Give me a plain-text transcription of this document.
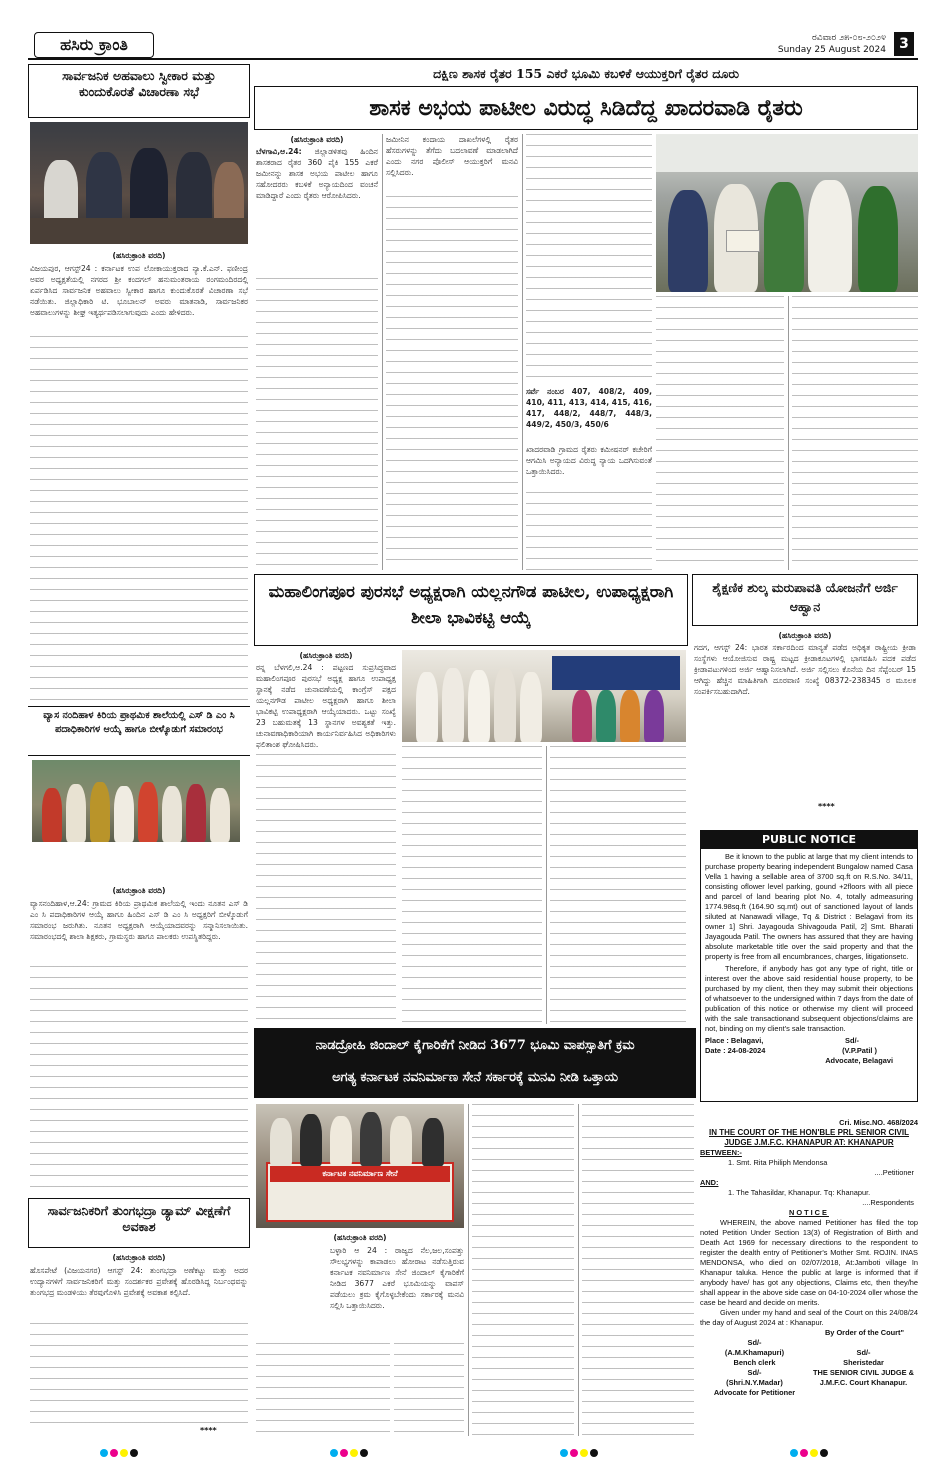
ಹಸಿರು ಕ್ರಾಂತಿ	ರವಿವಾರ ೨೫-೦೮-೨೦೨೪
Sunday 25 August 2024 3
ಸಾರ್ವಜನಿಕ ಅಹವಾಲು ಸ್ವೀಕಾರ ಮತ್ತು ಕುಂದುಕೊರತೆ ವಿಚಾರಣಾ ಸಭೆ
(ಹಸಿರುಕ್ರಾಂತಿ ವರದಿ)
ವಿಜಯಪುರ, ಆಗಸ್ಟ್24 : ಕರ್ನಾಟಕ ಉಪ ಲೋಕಾಯುಕ್ತರಾದ ನ್ಯಾ.ಕೆ.ಎನ್. ಫಣೀಂದ್ರ ಅವರ ಅಧ್ಯಕ್ಷತೆಯಲ್ಲಿ ನಗರದ ಶ್ರೀ ಕಂದಗಲ್ ಹನುಮಂತರಾಯ ರಂಗಮಂದಿರದಲ್ಲಿ ಏರ್ಪಡಿಸಿದ ಸಾರ್ವಜನಿಕ ಅಹವಾಲು ಸ್ವೀಕಾರ ಹಾಗೂ ಕುಂದುಕೊರತೆ ವಿಚಾರಣಾ ಸಭೆ ನಡೆಯಿತು. ಜಿಲ್ಲಾಧಿಕಾರಿ ಟಿ. ಭೂಬಾಲನ್ ಅವರು ಮಾತನಾಡಿ, ಸಾರ್ವಜನಿಕರ ಅಹವಾಲುಗಳನ್ನು ಶೀಘ್ರ ಇತ್ಯರ್ಥಪಡಿಸಲಾಗುವುದು ಎಂದು ಹೇಳಿದರು.
ವ್ಯಾಸ ನಂದಿಹಾಳ ಕಿರಿಯ ಪ್ರಾಥಮಿಕ ಶಾಲೆಯಲ್ಲಿ ಎಸ್ ಡಿ ಎಂ ಸಿ ಪದಾಧಿಕಾರಿಗಳ ಆಯ್ಕೆ ಹಾಗೂ ಬೀಳ್ಕೊಡುಗೆ ಸಮಾರಂಭ
(ಹಸಿರುಕ್ರಾಂತಿ ವರದಿ)
ವ್ಯಾಸನಂದಿಹಾಳ,ಆ.24: ಗ್ರಾಮದ ಕಿರಿಯ ಪ್ರಾಥಮಿಕ ಶಾಲೆಯಲ್ಲಿ ಇಂದು ನೂತನ ಎಸ್ ಡಿ ಎಂ ಸಿ ಪದಾಧಿಕಾರಿಗಳ ಆಯ್ಕೆ ಹಾಗೂ ಹಿಂದಿನ ಎಸ್ ಡಿ ಎಂ ಸಿ ಅಧ್ಯಕ್ಷರಿಗೆ ಬೀಳ್ಕೊಡುಗೆ ಸಮಾರಂಭ ಜರುಗಿತು. ನೂತನ ಅಧ್ಯಕ್ಷರಾಗಿ ಆಯ್ಕೆಯಾದವರನ್ನು ಸನ್ಮಾನಿಸಲಾಯಿತು. ಸಮಾರಂಭದಲ್ಲಿ ಶಾಲಾ ಶಿಕ್ಷಕರು, ಗ್ರಾಮಸ್ಥರು ಹಾಗೂ ಪಾಲಕರು ಉಪಸ್ಥಿತರಿದ್ದರು.
ಸಾರ್ವಜನಿಕರಿಗೆ ತುಂಗಭದ್ರಾ ಡ್ಯಾಮ್ ವೀಕ್ಷಣೆಗೆ ಅವಕಾಶ
(ಹಸಿರುಕ್ರಾಂತಿ ವರದಿ)
ಹೊಸಪೇಟೆ (ವಿಜಯನಗರ) ಆಗಸ್ಟ್ 24: ತುಂಗಭದ್ರಾ ಅಣೆಕಟ್ಟು ಮತ್ತು ಅದರ ಉದ್ಯಾನಗಳಿಗೆ ಸಾರ್ವಜನಿಕರಿಗೆ ಮತ್ತು ಸಂದರ್ಶಕರ ಪ್ರವೇಶಕ್ಕೆ ಹೊರಡಿಸಿದ್ದ ನಿರ್ಬಂಧವನ್ನು ತುಂಗಭದ್ರ ಮಂಡಳಿಯು ತೆರವುಗೊಳಿಸಿ ಪ್ರವೇಶಕ್ಕೆ ಅವಕಾಶ ಕಲ್ಪಿಸಿದೆ.
****
ದಕ್ಷಿಣ ಶಾಸಕ ರೈತರ 155 ಎಕರೆ ಭೂಮಿ ಕಬಳಿಕೆ ಆಯುಕ್ತರಿಗೆ ರೈತರ ದೂರು
ಶಾಸಕ ಅಭಯ ಪಾಟೀಲ ವಿರುದ್ಧ ಸಿಡಿದೆದ್ದ ಖಾದರವಾಡಿ ರೈತರು
(ಹಸಿರುಕ್ರಾಂತಿ ವರದಿ)
ಬೆಳಗಾವಿ,ಆ.24: ಜಿಲ್ಲಾಡಳಿತವು ಹಿಂದಿನ ಶಾಸಕರಾದ ರೈತರ 360 ಪೈಕಿ 155 ಎಕರೆ ಜಮೀನನ್ನು ಶಾಸಕ ಅಭಯ ಪಾಟೀಲ ಹಾಗೂ ಸಹೋದರರು ಕಬಳಿಕೆ ಅನ್ಯಾಯದಿಂದ ವಂಚನೆ ಮಾಡಿದ್ದಾರೆ ಎಂದು ರೈತರು ಆರೋಪಿಸಿದರು.
ಜಮೀನಿನ ಕಂದಾಯ ದಾಖಲೆಗಳಲ್ಲಿ ರೈತರ ಹೆಸರುಗಳನ್ನು ತೆಗೆದು ಬದಲಾವಣೆ ಮಾಡಲಾಗಿದೆ ಎಂದು ನಗರ ಪೊಲೀಸ್ ಆಯುಕ್ತರಿಗೆ ಮನವಿ ಸಲ್ಲಿಸಿದರು.
ಸರ್ವೆ ನಂಬರ 407, 408/2, 409, 410, 411, 413, 414, 415, 416, 417, 448/2, 448/7, 448/3, 449/2, 450/3, 450/6
ಖಾದರವಾಡಿ ಗ್ರಾಮದ ರೈತರು ಕಮೀಷನರ್ ಕಚೇರಿಗೆ ಆಗಮಿಸಿ ಅನ್ಯಾಯದ ವಿರುದ್ಧ ನ್ಯಾಯ ಒದಗಿಸುವಂತೆ ಒತ್ತಾಯಿಸಿದರು.
ಮಹಾಲಿಂಗಪೂರ ಪುರಸಭೆ ಅಧ್ಯಕ್ಷರಾಗಿ ಯಲ್ಲನಗೌಡ ಪಾಟೀಲ, ಉಪಾಧ್ಯಕ್ಷರಾಗಿ ಶೀಲಾ ಭಾವಿಕಟ್ಟಿ ಆಯ್ಕೆ
(ಹಸಿರುಕ್ರಾಂತಿ ವರದಿ)
ರನ್ನ ಬೆಳಗಲಿ,ಆ.24 : ಪಟ್ಟಣದ ಸುಪ್ರಸಿದ್ಧವಾದ ಮಹಾಲಿಂಗಪೂರ ಪುರಸಭೆ ಅಧ್ಯಕ್ಷ ಹಾಗೂ ಉಪಾಧ್ಯಕ್ಷ ಸ್ಥಾನಕ್ಕೆ ನಡೆದ ಚುನಾವಣೆಯಲ್ಲಿ ಕಾಂಗ್ರೆಸ್ ಪಕ್ಷದ ಯಲ್ಲನಗೌಡ ಪಾಟೀಲ ಅಧ್ಯಕ್ಷರಾಗಿ ಹಾಗೂ ಶೀಲಾ ಭಾವಿಕಟ್ಟಿ ಉಪಾಧ್ಯಕ್ಷರಾಗಿ ಆಯ್ಕೆಯಾದರು. ಒಟ್ಟು ಸಂಖ್ಯೆ 23 ಬಹುಮತಕ್ಕೆ 13 ಸ್ಥಾನಗಳ ಅವಶ್ಯಕತೆ ಇತ್ತು. ಚುನಾವಣಾಧಿಕಾರಿಯಾಗಿ ಕಾರ್ಯನಿರ್ವಹಿಸಿದ ಅಧಿಕಾರಿಗಳು ಫಲಿತಾಂಶ ಘೋಷಿಸಿದರು.
ಶೈಕ್ಷಣಿಕ ಶುಲ್ಕ ಮರುಪಾವತಿ ಯೋಜನೆಗೆ ಅರ್ಜಿ ಆಹ್ವಾನ
(ಹಸಿರುಕ್ರಾಂತಿ ವರದಿ)
ಗದಗ, ಆಗಸ್ಟ್ 24: ಭಾರತ ಸರ್ಕಾರದಿಂದ ಮಾನ್ಯತೆ ಪಡೆದ ಅಧಿಕೃತ ರಾಷ್ಟ್ರೀಯ ಕ್ರೀಡಾ ಸಂಸ್ಥೆಗಳು ಆಯೋಜಿಸುವ ರಾಷ್ಟ್ರ ಮಟ್ಟದ ಕ್ರೀಡಾಕೂಟಗಳಲ್ಲಿ ಭಾಗವಹಿಸಿ ಪದಕ ಪಡೆದ ಕ್ರೀಡಾಪಟುಗಳಿಂದ ಅರ್ಜಿ ಆಹ್ವಾನಿಸಲಾಗಿದೆ. ಅರ್ಜಿ ಸಲ್ಲಿಸಲು ಕೊನೆಯ ದಿನ ಸೆಪ್ಟೆಂಬರ್ 15 ಆಗಿದ್ದು ಹೆಚ್ಚಿನ ಮಾಹಿತಿಗಾಗಿ ದೂರವಾಣಿ ಸಂಖ್ಯೆ 08372-238345 ರ ಮೂಲಕ ಸಂಪರ್ಕಿಸಬಹುದಾಗಿದೆ.
****
PUBLIC NOTICE
Be it known to the public at large that my client intends to purchase property bearing independent Bungalow named Casa Vella 1 having a sellable area of 3700 sq.ft on R.S.No. 34/11, consisting oflower level parking, gound +2floors with all piece and parcel of land bearing plot No. 4, totally admeasuring 1774.98sq.ft (164.90 sq.mt) out of sanctioned layout of lands siluted at Nanawadi village, Tq & District : Belagavi from its owner 1] Shri. Jayagouda Shivagouda Patil, 2] Smt. Bharati Jayagouda Patil. The owners has assured that they are having absolute marketable title over the said property and that the property is free from all encumbrances, charges, litigationsetc.
Therefore, if anybody has got any type of right, title or interest over the above said residential house property, to be purchased by my client, then they may submit their objections of whatsoever to the undersigned within 7 days from the date of publication of this notice or otherwise my client will proceed with the sale transactionand subsequent objections/claims are not, binding on my client's sale transaction.
Place : Belagavi,	Sd/-
Date : 24-08-2024	(V.P.Patil )
Advocate, Belagavi
Cri. Misc.NO. 468/2024
IN THE COURT OF THE HON'BLE PRL SENIOR CIVIL JUDGE J.M.F.C. KHANAPUR AT: KHANAPUR
BETWEEN:-
1. Smt. Rita Philiph Mendonsa
....Petitioner
AND:
1. The Tahasildar, Khanapur. Tq: Khanapur.
....Respondents
NOTICE
WHEREIN, the above named Petitioner has filed the top noted Petition Under Section 13(3) of Registration of Birth and Death Act 1969 for necessary directions to the respondent to register the dealth entry of Petitioner's Mother Smt. ROJIN. INAS MENDONSA, who died on 02/07/2018, At:Jamboti village In Khanapur taluka. Hence the public at large is informed that if anybody have/ has got any objections, Claims etc, then they/he shall appear in the above side case on 04-10-2024 oller whose the case be heard and decide on merits.
Given under my hand and seal of the Court on this 24/08/24 the day of August 2024 at : Khanapur.
By Order of the Court"
Sd/-
(A.M.Khamapuri)
Bench clerk
Sd/-
(Shri.N.Y.Madar)
Advocate for Petitioner
Sd/-
Sheristedar
THE SENIOR CIVIL JUDGE & J.M.F.C. Court Khanapur.
ನಾಡದ್ರೋಹಿ ಜಿಂದಾಲ್ ಕೈಗಾರಿಕೆಗೆ ನೀಡಿದ 3677 ಭೂಮಿ ವಾಪಸ್ಸಾತಿಗೆ ಕ್ರಮ
ಅಗತ್ಯ ಕರ್ನಾಟಕ ನವನಿರ್ಮಾಣ ಸೇನೆ ಸರ್ಕಾರಕ್ಕೆ ಮನವಿ ನೀಡಿ ಒತ್ತಾಯ
ಕರ್ನಾಟಕ ನವನಿರ್ಮಾಣ ಸೇನೆ
(ಹಸಿರುಕ್ರಾಂತಿ ವರದಿ)
ಬಳ್ಳಾರಿ ಆ 24 : ರಾಜ್ಯದ ನೆಲ,ಜಲ,ಸಂಪತ್ತು ಸೌಲಭ್ಯಗಳನ್ನು ಕಾಪಾಡಲು ಹೋರಾಟ ನಡೆಸುತ್ತಿರುವ ಕರ್ನಾಟಕ ನವನಿರ್ಮಾಣ ಸೇನೆ ಜಿಂದಾಲ್ ಕೈಗಾರಿಕೆಗೆ ನೀಡಿದ 3677 ಎಕರೆ ಭೂಮಿಯನ್ನು ವಾಪಸ್ ಪಡೆಯಲು ಕ್ರಮ ಕೈಗೊಳ್ಳಬೇಕೆಂದು ಸರ್ಕಾರಕ್ಕೆ ಮನವಿ ಸಲ್ಲಿಸಿ ಒತ್ತಾಯಿಸಿದರು.
